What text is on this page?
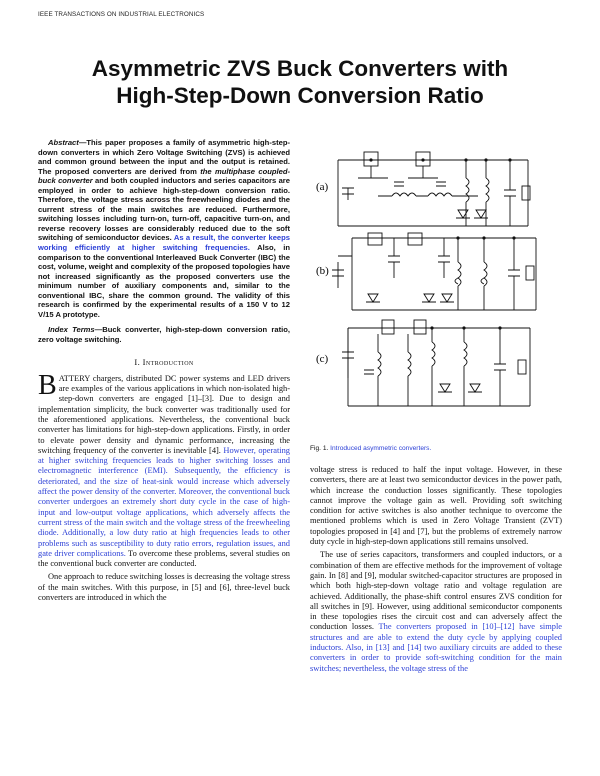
IEEE TRANSACTIONS ON INDUSTRIAL ELECTRONICS
Asymmetric ZVS Buck Converters with
High-Step-Down Conversion Ratio

Abstract—This paper proposes a family of asymmetric high-step-down converters in which Zero Voltage Switching (ZVS) is achieved and common ground between the input and the output is retained. The proposed converters are derived from the multiphase coupled-buck converter and both coupled inductors and series capacitors are employed in order to achieve high-step-down conversion ratio. Therefore, the voltage stress across the freewheeling diodes and the current stress of the main switches are reduced. Furthermore, switching losses including turn-on, turn-off, capacitive turn-on, and reverse recovery losses are considerably reduced due to the soft switching of semiconductor devices. As a result, the converter keeps working efficiently at higher switching frequencies. Also, in comparison to the conventional Interleaved Buck Converter (IBC) the cost, volume, weight and complexity of the proposed topologies have not increased significantly as the proposed converters use the minimum number of auxiliary components and, similar to the conventional IBC, share the common ground. The validity of this research is confirmed by the experimental results of a 150 V to 12 V/15 A prototype.

Index Terms—Buck converter, high-step-down conversion ratio, zero voltage switching.

I. Introduction

BATTERY chargers, distributed DC power systems and LED drivers are examples of the various applications in which non-isolated high-step-down converters are engaged [1]–[3]. Due to design and implementation simplicity, the buck converter was traditionally used for the aforementioned applications. Nevertheless, the conventional buck converter has limitations for high-step-down applications. Firstly, in order to elevate power density and dynamic performance, increasing the switching frequency of the converter is inevitable [4]. However, operating at higher switching frequencies leads to higher switching losses and electromagnetic interference (EMI). Subsequently, the efficiency is deteriorated, and the size of heat-sink would increase which adversely affect the power density of the converter. Moreover, the conventional buck converter undergoes an extremely short duty cycle in the case of high-input and low-output voltage applications, which adversely affects the current stress of the main switch and the voltage stress of the freewheeling diode. Additionally, a low duty ratio at high frequencies leads to other problems such as susceptibility to duty ratio errors, regulation issues, and gate driver complications. To overcome these problems, several studies on the conventional buck converter are conducted.

One approach to reduce switching losses is decreasing the voltage stress of the main switches. With this purpose, in [5] and [6], three-level buck converters are introduced in which the

(a)
(b)
(c)
Fig. 1. Introduced asymmetric converters.

voltage stress is reduced to half the input voltage. However, in these converters, there are at least two semiconductor devices in the power path, which increase the conduction losses significantly. These topologies cannot improve the voltage gain as well. Providing soft switching condition for active switches is also another technique to overcome the mentioned problems which is used in Zero Voltage Transient (ZVT) topologies proposed in [4] and [7], but the problems of extremely narrow duty cycle in high-step-down applications still remains unsolved.

The use of series capacitors, transformers and coupled inductors, or a combination of them are effective methods for the improvement of voltage gain. In [8] and [9], modular switched-capacitor structures are proposed in which both high-step-down voltage ratio and voltage regulation are achieved. Additionally, the phase-shift control ensures ZVS condition for all switches in [9]. However, using additional semiconductor components in these topologies rises the circuit cost and can adversely affect the conduction losses. The converters proposed in [10]–[12] have simple structures and are able to extend the duty cycle by applying coupled inductors. Also, in [13] and [14] two auxiliary circuits are added to these converters in order to provide soft-switching condition for the main switches; nevertheless, the voltage stress of the
